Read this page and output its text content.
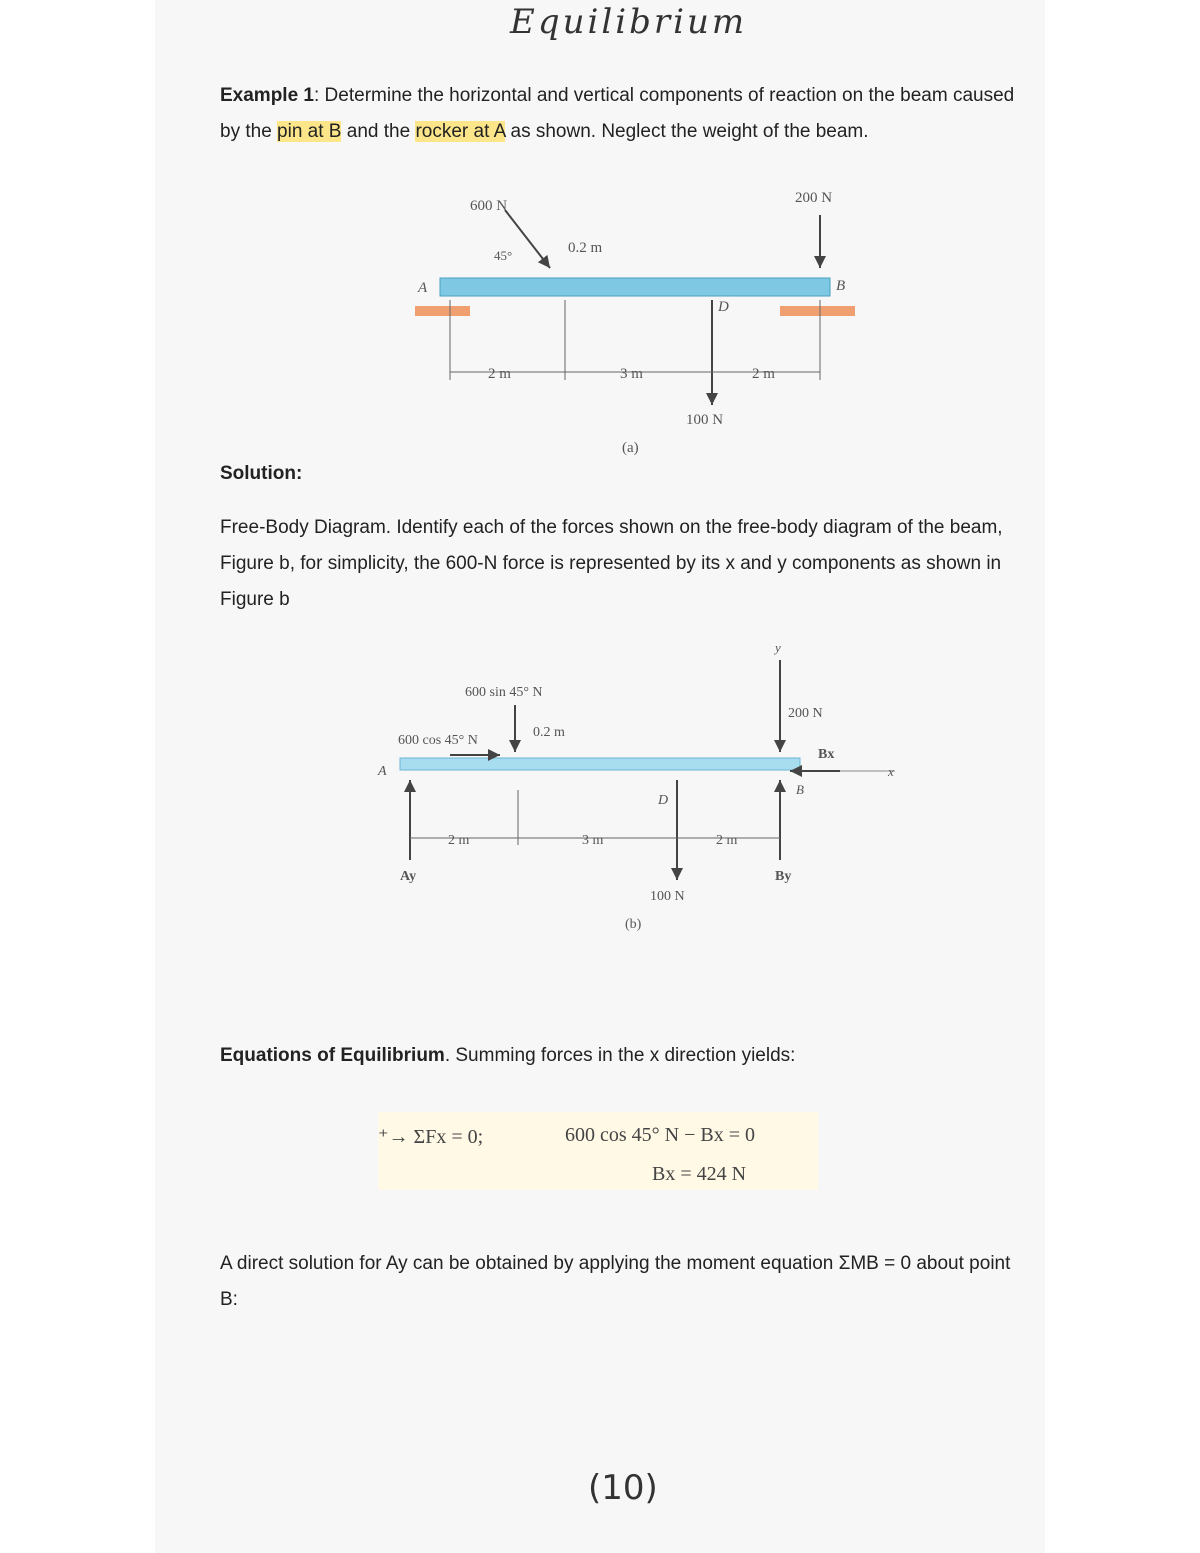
Equilibrium
Example 1: Determine the horizontal and vertical components of reaction on the beam caused by the pin at B and the rocker at A as shown. Neglect the weight of the beam.
600 N
45°	0.2 m
200 N
A	B
D
2 m	3 m	2 m
100 N
(a)
Solution:
Free-Body Diagram. Identify each of the forces shown on the free-body diagram of the beam, Figure b, for simplicity, the 600-N force is represented by its x and y components as shown in Figure b
600 sin 45° N
600 cos 45° N
0.2 m
y
x
200 N
Bx
By
Ay
A
B
D
2 m	3 m	2 m
100 N
(b)
Equations of Equilibrium. Summing forces in the x direction yields:
⁺→ ΣFx = 0;	600 cos 45° N − Bx = 0
Bx = 424 N
A direct solution for Ay can be obtained by applying the moment equation ΣMB = 0 about point B:
(10)
